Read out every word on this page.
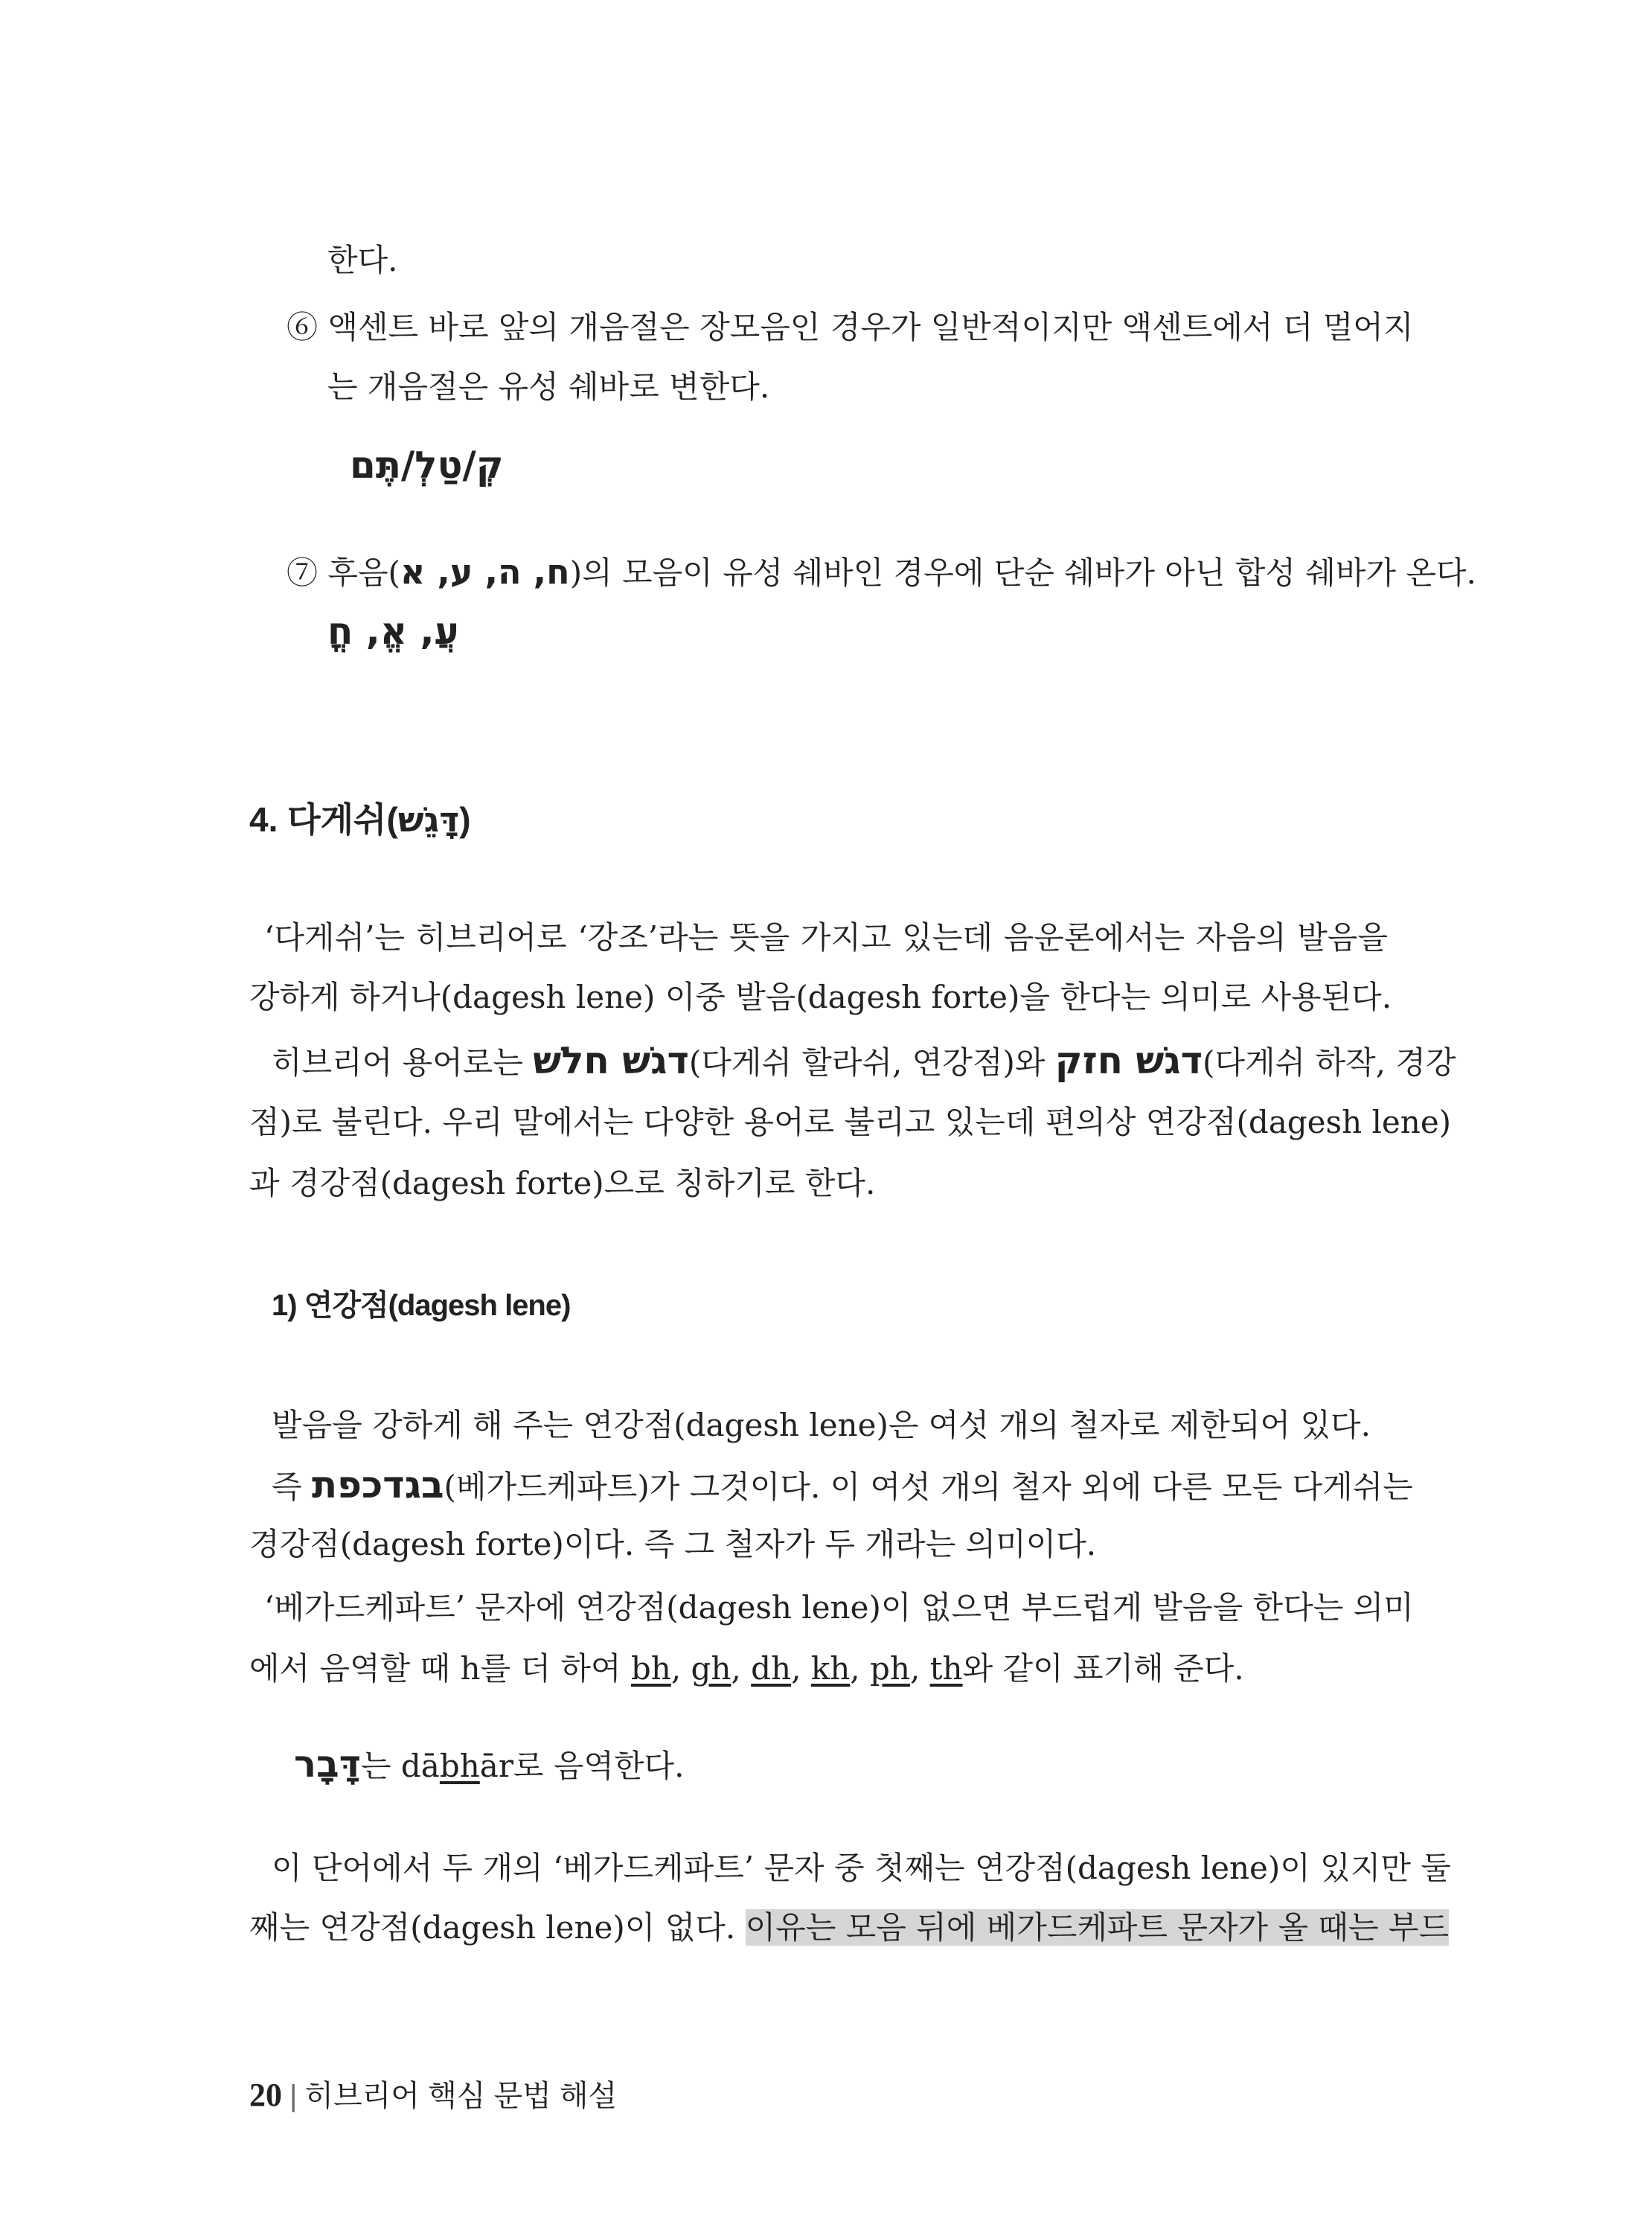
한다.
⑥ 액센트 바로 앞의 개음절은 장모음인 경우가 일반적이지만 액센트에서 더 멀어지
는 개음절은 유성 쉐바로 변한다.
קְ/טַלְ/תֶּם
⑦ 후음(ח, ה, ע, א)의 모음이 유성 쉐바인 경우에 단순 쉐바가 아닌 합성 쉐바가 온다.
עֲ, אֱ, חֳ
4. 다게쉬(דָּגֵשׁ)
‘다게쉬’는 히브리어로 ‘강조’라는 뜻을 가지고 있는데 음운론에서는 자음의 발음을
강하게 하거나(dagesh lene) 이중 발음(dagesh forte)을 한다는 의미로 사용된다.
히브리어 용어로는 דגשׁ חלשׁ(다게쉬 할라쉬, 연강점)와 דגשׁ חזק(다게쉬 하작, 경강
점)로 불린다. 우리 말에서는 다양한 용어로 불리고 있는데 편의상 연강점(dagesh lene)
과 경강점(dagesh forte)으로 칭하기로 한다.
1) 연강점(dagesh lene)
발음을 강하게 해 주는 연강점(dagesh lene)은 여섯 개의 철자로 제한되어 있다.
즉 בגדכפת(베가드케파트)가 그것이다. 이 여섯 개의 철자 외에 다른 모든 다게쉬는
경강점(dagesh forte)이다. 즉 그 철자가 두 개라는 의미이다.
‘베가드케파트’ 문자에 연강점(dagesh lene)이 없으면 부드럽게 발음을 한다는 의미
에서 음역할 때 h를 더 하여 bh, gh, dh, kh, ph, th와 같이 표기해 준다.
דָּבָר는 dābhār로 음역한다.
이 단어에서 두 개의 ‘베가드케파트’ 문자 중 첫째는 연강점(dagesh lene)이 있지만 둘
째는 연강점(dagesh lene)이 없다. 이유는 모음 뒤에 베가드케파트 문자가 올 때는 부드
20 | 히브리어 핵심 문법 해설
